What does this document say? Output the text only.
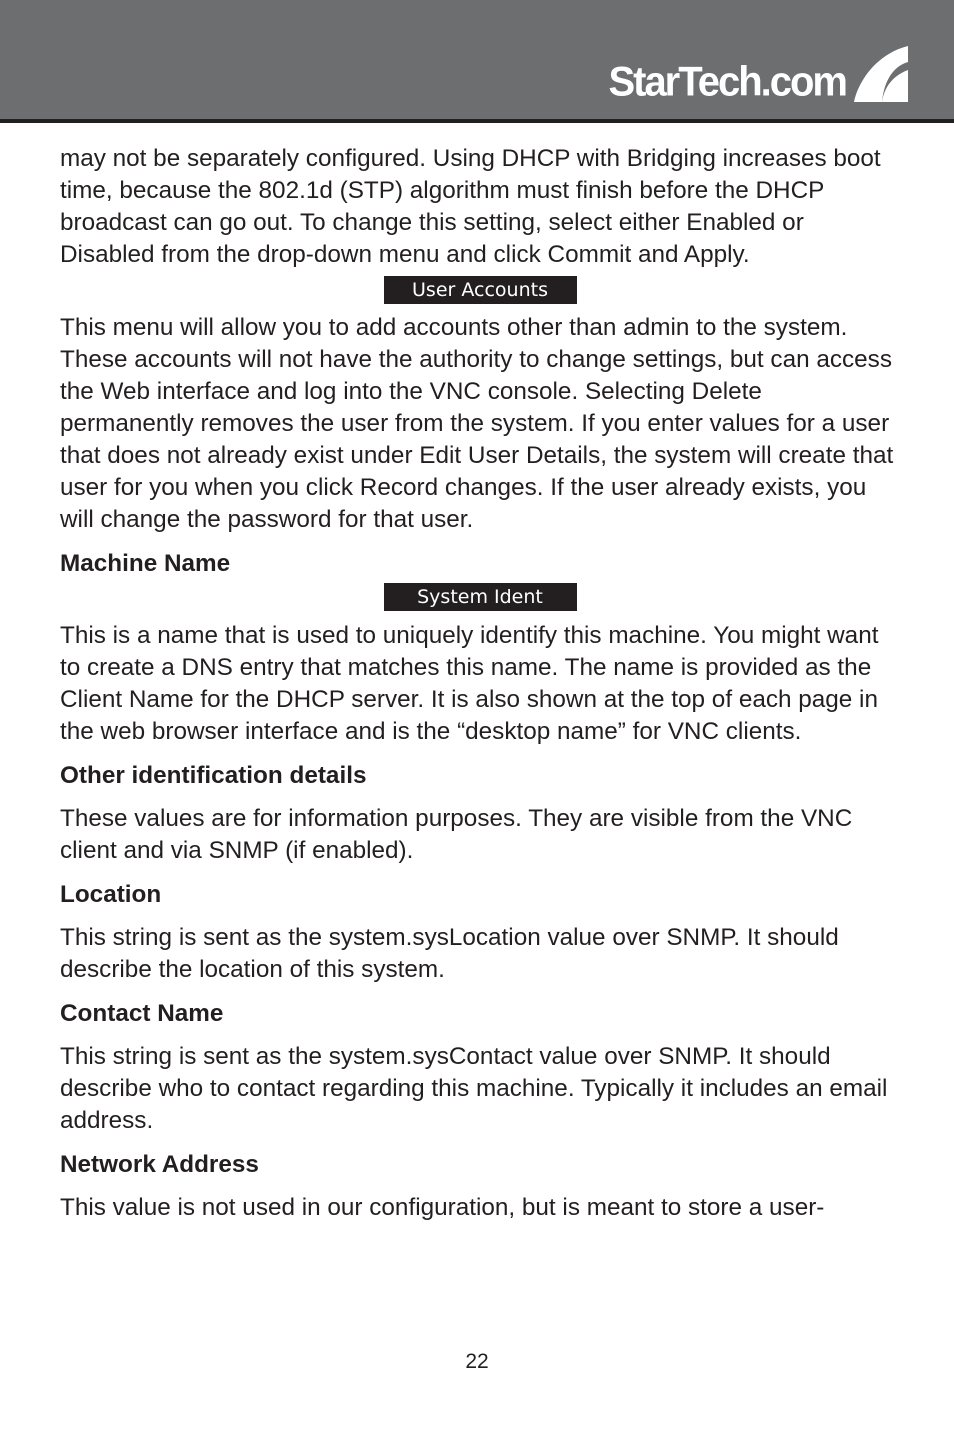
StarTech.com

may not be separately configured. Using DHCP with Bridging increases boot time, because the 802.1d (STP) algorithm must finish before the DHCP broadcast can go out. To change this setting, select either Enabled or Disabled from the drop-down menu and click Commit and Apply.

User Accounts

This menu will allow you to add accounts other than admin to the system. These accounts will not have the authority to change settings, but can access the Web interface and log into the VNC console. Selecting Delete permanently removes the user from the system. If you enter values for a user that does not already exist under Edit User Details, the system will create that user for you when you click Record changes. If the user already exists, you will change the password for that user.

Machine Name
System Ident

This is a name that is used to uniquely identify this machine. You might want to create a DNS entry that matches this name. The name is provided as the Client Name for the DHCP server. It is also shown at the top of each page in the web browser interface and is the “desktop name” for VNC clients.

Other identification details

These values are for information purposes. They are visible from the VNC client and via SNMP (if enabled).

Location

This string is sent as the system.sysLocation value over SNMP. It should describe the location of this system.

Contact Name

This string is sent as the system.sysContact value over SNMP. It should describe who to contact regarding this machine. Typically it includes an email address.

Network Address

This value is not used in our configuration, but is meant to store a user-

22
